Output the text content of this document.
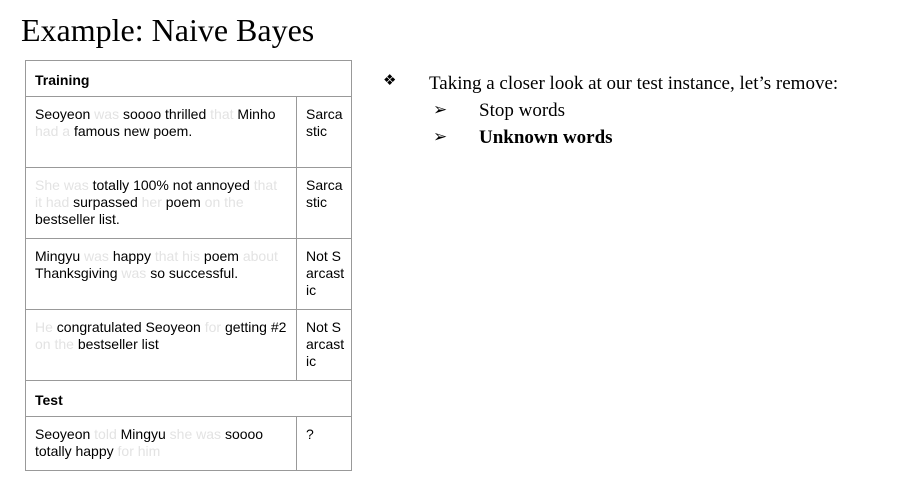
Example: Naive Bayes
Training	
Seoyeon was soooo thrilled that Minho had a famous new poem.	Sarcastic
She was totally 100% not annoyed that it had surpassed her poem on the bestseller list.	Sarcastic
Mingyu was happy that his poem about Thanksgiving was so successful.	Not Sarcastic
He congratulated Seoyeon for getting #2 on the bestseller list	Not Sarcastic
Test	
Seoyeon told Mingyu she was soooo totally happy for him	?
❖ Taking a closer look at our test instance, let’s remove:
➢ Stop words
➢ Unknown words
